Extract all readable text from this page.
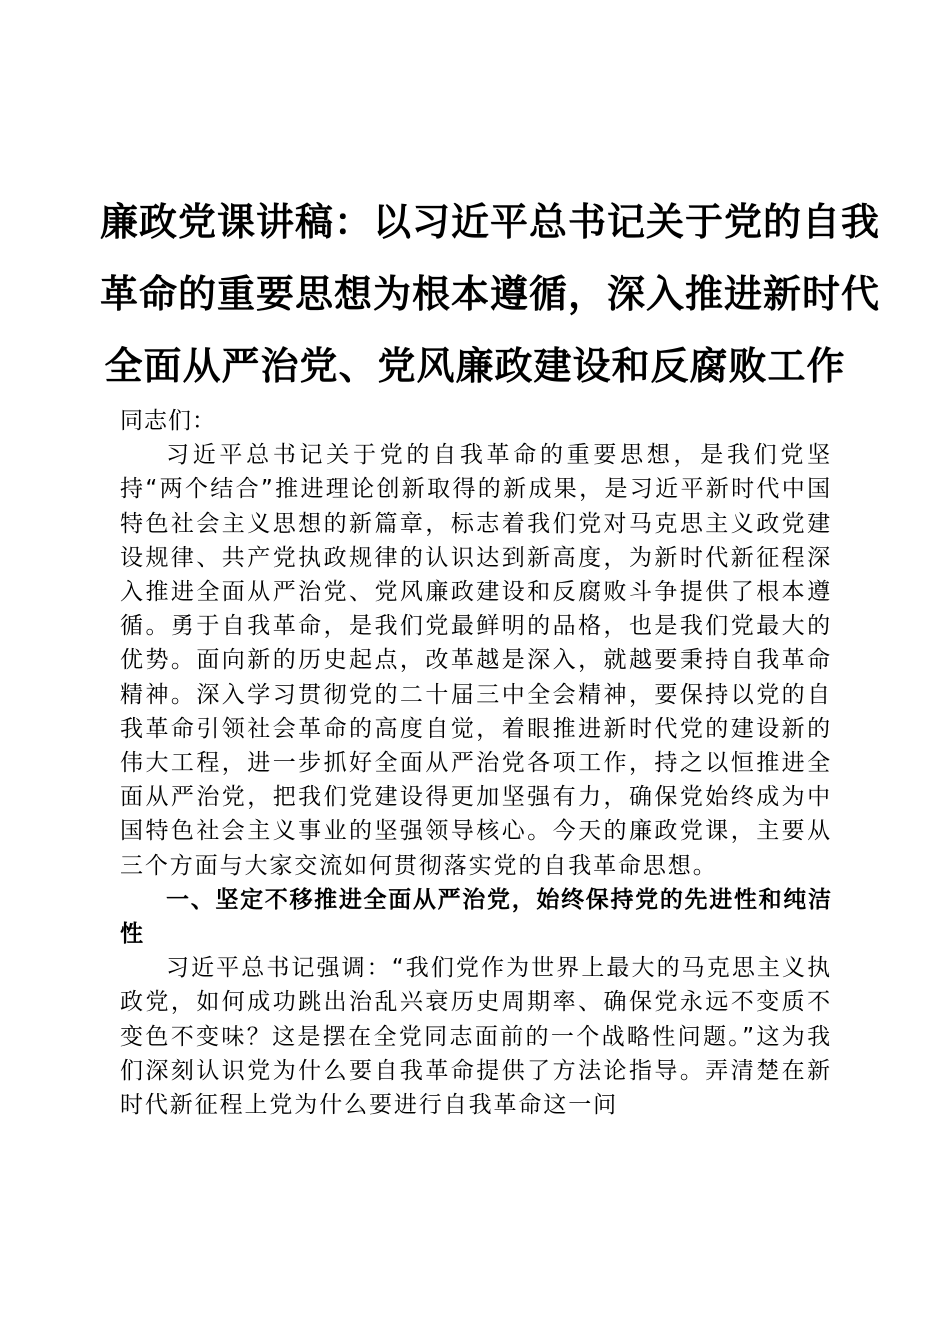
廉政党课讲稿：以习近平总书记关于党的自我
革命的重要思想为根本遵循，深入推进新时代
全面从严治党、党风廉政建设和反腐败工作

同志们：

习近平总书记关于党的自我革命的重要思想，是我们党坚持“两个结合”推进理论创新取得的新成果，是习近平新时代中国特色社会主义思想的新篇章，标志着我们党对马克思主义政党建设规律、共产党执政规律的认识达到新高度，为新时代新征程深入推进全面从严治党、党风廉政建设和反腐败斗争提供了根本遵循。勇于自我革命，是我们党最鲜明的品格，也是我们党最大的优势。面向新的历史起点，改革越是深入，就越要秉持自我革命精神。深入学习贯彻党的二十届三中全会精神，要保持以党的自我革命引领社会革命的高度自觉，着眼推进新时代党的建设新的伟大工程，进一步抓好全面从严治党各项工作，持之以恒推进全面从严治党，把我们党建设得更加坚强有力，确保党始终成为中国特色社会主义事业的坚强领导核心。今天的廉政党课，主要从三个方面与大家交流如何贯彻落实党的自我革命思想。

一、坚定不移推进全面从严治党，始终保持党的先进性和纯洁性

习近平总书记强调：“我们党作为世界上最大的马克思主义执政党，如何成功跳出治乱兴衰历史周期率、确保党永远不变质不变色不变味？这是摆在全党同志面前的一个战略性问题。”这为我们深刻认识党为什么要自我革命提供了方法论指导。弄清楚在新时代新征程上党为什么要进行自我革命这一问
